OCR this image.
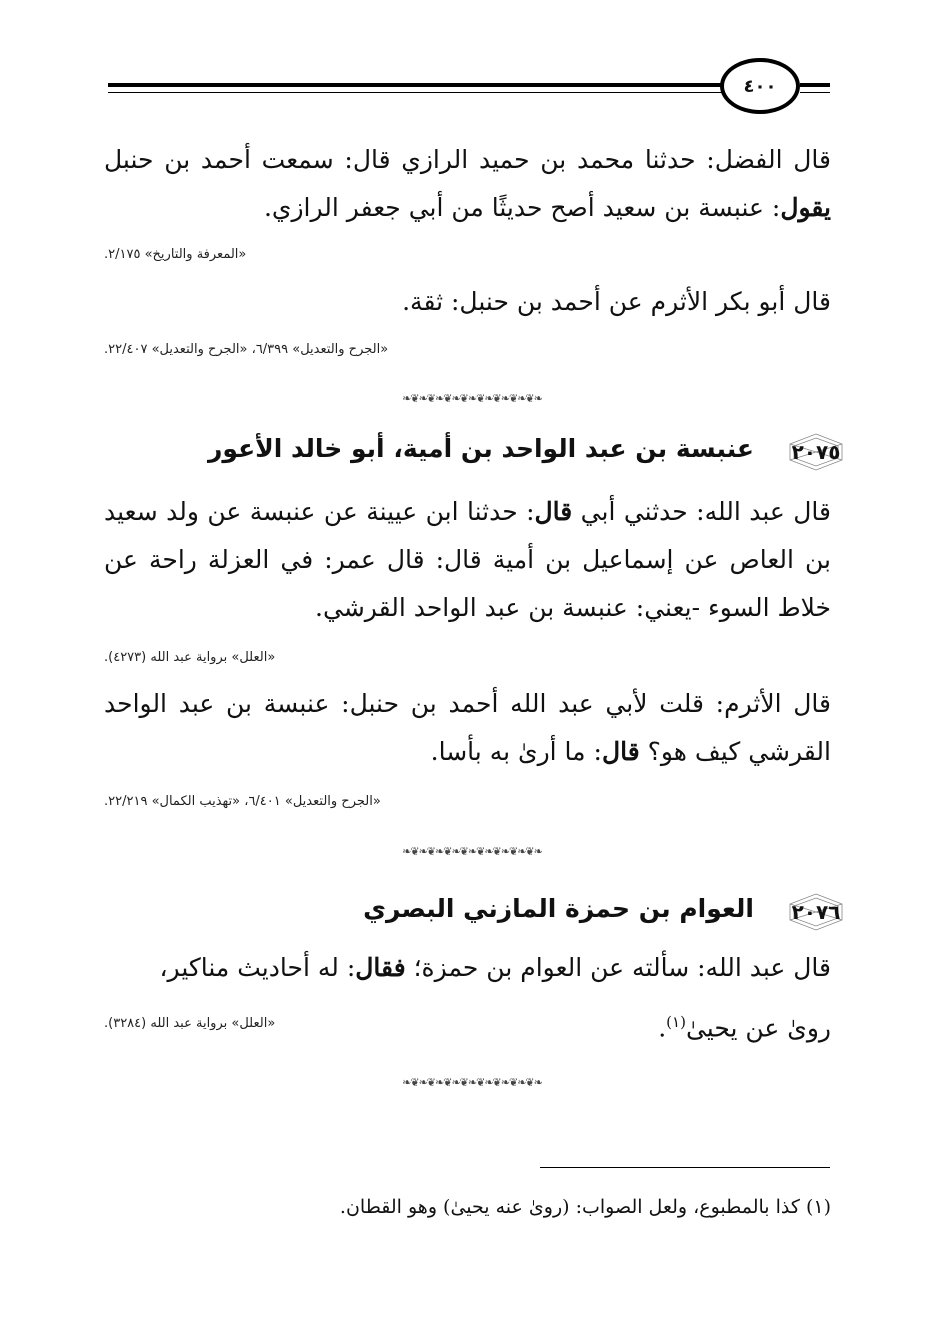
٤٠٠

قال الفضل: حدثنا محمد بن حميد الرازي قال: سمعت أحمد بن حنبل يقول: عنبسة بن سعيد أصح حديثًا من أبي جعفر الرازي.

«المعرفة والتاريخ» ٢/١٧٥.

قال أبو بكر الأثرم عن أحمد بن حنبل: ثقة.

«الجرح والتعديل» ٦/٣٩٩، «الجرح والتعديل» ٢٢/٤٠٧.
❧❦❧❦❧❦❧❦❧❦❧❦❧❦❧❦❧
٢٠٧٥
عنبسة بن عبد الواحد بن أمية، أبو خالد الأعور

قال عبد الله: حدثني أبي قال: حدثنا ابن عيينة عن عنبسة عن ولد سعيد بن العاص عن إسماعيل بن أمية قال: قال عمر: في العزلة راحة عن خلاط السوء -يعني: عنبسة بن عبد الواحد القرشي.

«العلل» برواية عبد الله (٤٢٧٣).

قال الأثرم: قلت لأبي عبد الله أحمد بن حنبل: عنبسة بن عبد الواحد القرشي كيف هو؟ قال: ما أرىٰ به بأسا.

«الجرح والتعديل» ٦/٤٠١، «تهذيب الكمال» ٢٢/٢١٩.
❧❦❧❦❧❦❧❦❧❦❧❦❧❦❧❦❧
٢٠٧٦
العوام بن حمزة المازني البصري

قال عبد الله: سألته عن العوام بن حمزة؛ فقال: له أحاديث مناكير،

روىٰ عن يحيىٰ$^{(١)}$.

«العلل» برواية عبد الله (٣٢٨٤).
❧❦❧❦❧❦❧❦❧❦❧❦❧❦❧❦❧
(١) كذا بالمطبوع، ولعل الصواب: (روىٰ عنه يحيىٰ) وهو القطان.
